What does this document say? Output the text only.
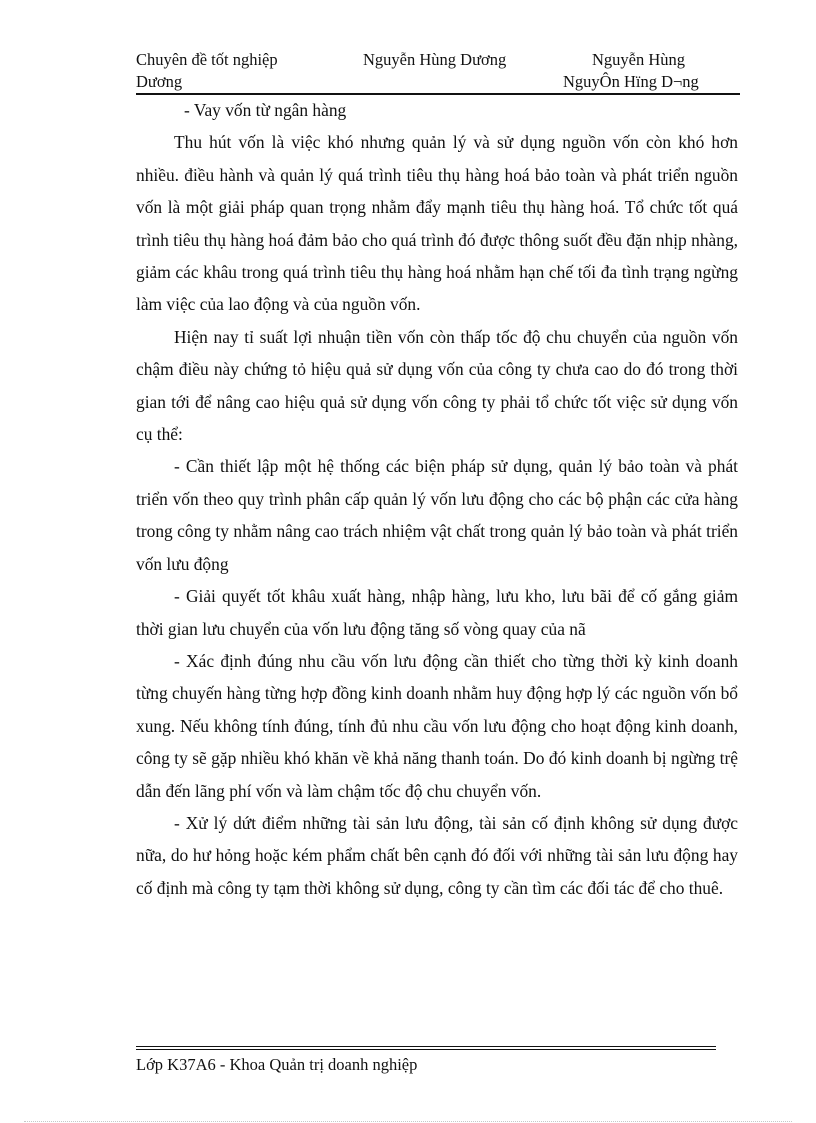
Chuyên đề tốt nghiệp
Dương
Nguyễn Hùng Dương	Nguyễn Hùng
NguyÔn Hïng D¬ng

- Vay vốn từ ngân hàng

Thu hút vốn là việc khó nhưng quản lý và sử dụng nguồn vốn còn khó hơn nhiều. điều hành và quản lý quá trình tiêu thụ hàng hoá bảo toàn và phát triển nguồn vốn là một giải pháp quan trọng nhằm đẩy mạnh tiêu thụ hàng hoá. Tổ chức tốt quá trình tiêu thụ hàng hoá đảm bảo cho quá trình đó được thông suốt đều đặn nhịp nhàng, giảm các khâu trong quá trình tiêu thụ hàng hoá nhằm hạn chế tối đa tình trạng ngừng làm việc của lao động và của nguồn vốn.

Hiện nay tỉ suất lợi nhuận tiền vốn còn thấp tốc độ chu chuyển của nguồn vốn chậm điều này chứng tỏ hiệu quả sử dụng vốn của công ty chưa cao do đó trong thời gian tới để nâng cao hiệu quả sử dụng vốn công ty phải tổ chức tốt việc sử dụng vốn cụ thể:

- Cần thiết lập một hệ thống các biện pháp sử dụng, quản lý bảo toàn và phát triển vốn theo quy trình phân cấp quản lý vốn lưu động cho các bộ phận các cửa hàng trong công ty nhằm nâng cao trách nhiệm vật chất trong quản lý bảo toàn và phát triển vốn lưu động

- Giải quyết tốt khâu xuất hàng, nhập hàng, lưu kho, lưu bãi để cố gắng giảm thời gian lưu chuyển của vốn lưu động tăng số vòng quay của nã

- Xác định đúng nhu cầu vốn lưu động cần thiết cho từng thời kỳ kinh doanh từng chuyến hàng từng hợp đồng kinh doanh nhằm huy động hợp lý các nguồn vốn bổ xung. Nếu không tính đúng, tính đủ nhu cầu vốn lưu động cho hoạt động kinh doanh, công ty sẽ gặp nhiều khó khăn về khả năng thanh toán. Do đó kinh doanh bị ngừng trệ dẫn đến lãng phí vốn và làm chậm tốc độ chu chuyển vốn.

- Xử lý dứt điểm những tài sản lưu động, tài sản cố định không sử dụng được nữa, do hư hỏng hoặc kém phẩm chất bên cạnh đó đối với những tài sản lưu động hay cố định mà công ty tạm thời không sử dụng, công ty cần tìm các đối tác để cho thuê.

Lớp K37A6 - Khoa Quản trị doanh nghiệp
